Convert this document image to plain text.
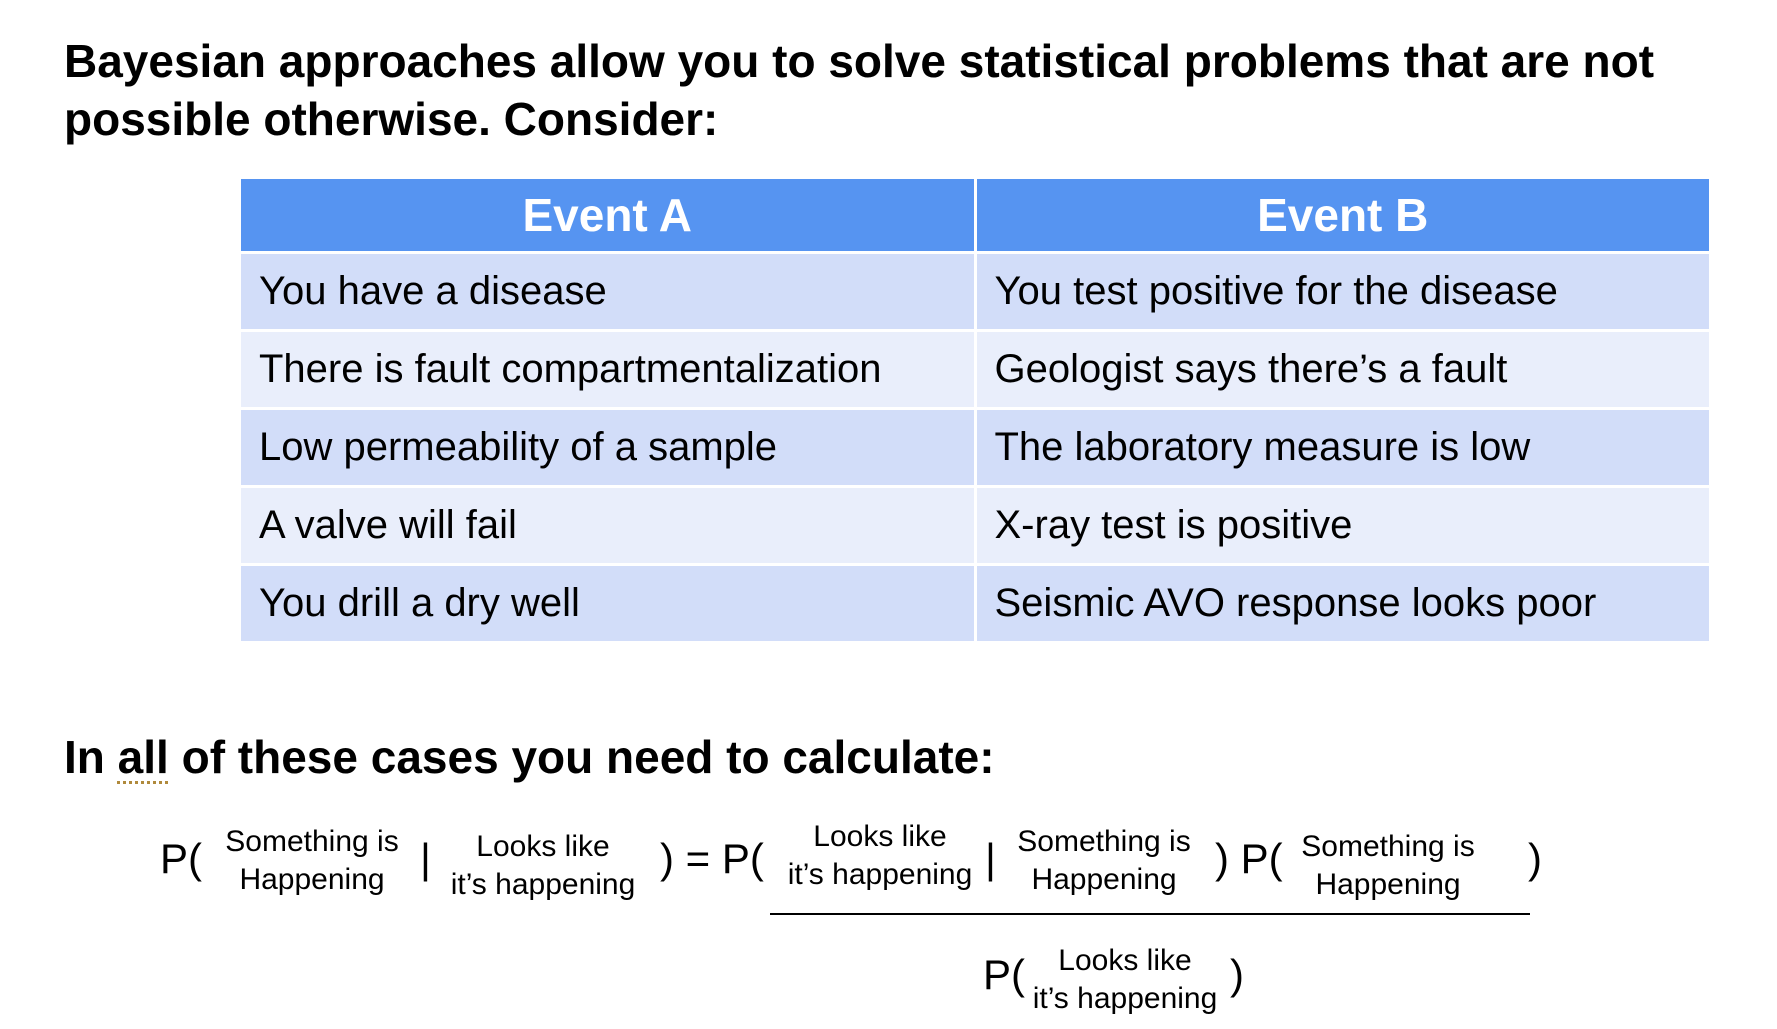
Bayesian approaches allow you to solve statistical problems that are not
possible otherwise. Consider:
Event A	Event B
You have a disease	You test positive for the disease
There is fault compartmentalization	Geologist says there’s a fault
Low permeability of a sample	The laboratory measure is low
A valve will fail	X-ray test is positive
You drill a dry well	Seismic AVO response looks poor
In all of these cases you need to calculate:
P( Something is
Happening | Looks like
it’s happening
) = P( Looks like
it’s happening | Something is
Happening ) P( Something is
Happening
)
P( Looks like
it’s happening
)
